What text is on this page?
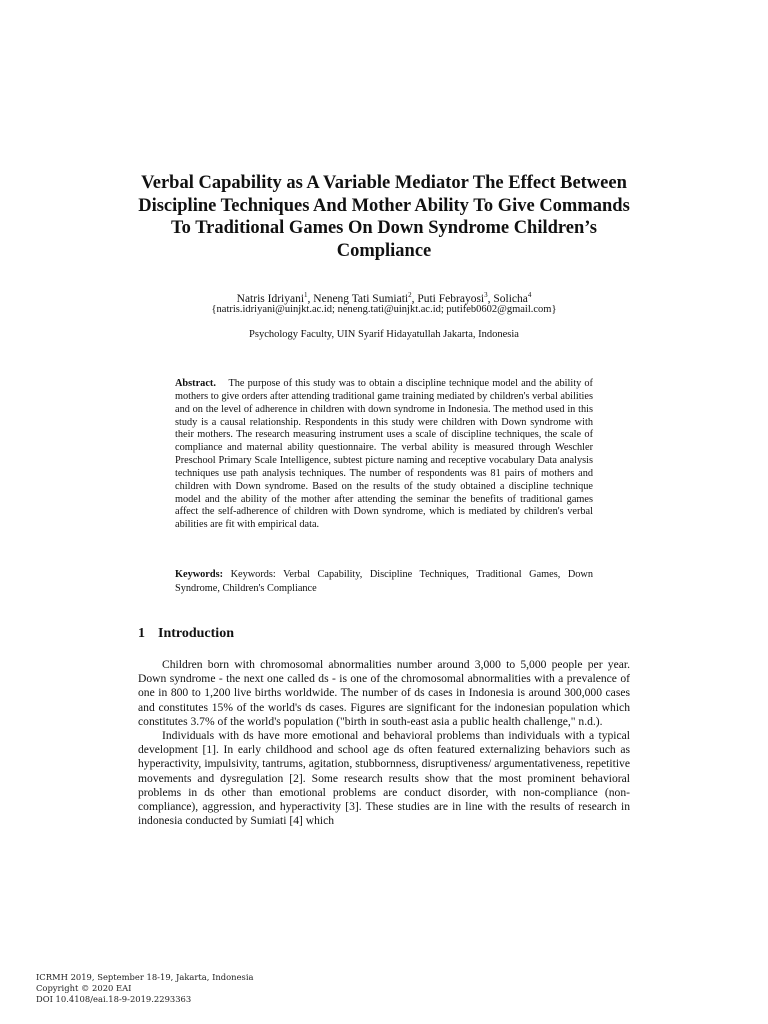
Verbal Capability as A Variable Mediator The Effect Between Discipline Techniques And Mother Ability To Give Commands To Traditional Games On Down Syndrome Children’s Compliance
Natris Idriyani$^1$, Neneng Tati Sumiati$^2$, Puti Febrayosi$^3$, Solicha$^4$
{natris.idriyani@uinjkt.ac.id; neneng.tati@uinjkt.ac.id; putifeb0602@gmail.com}
Psychology Faculty, UIN Syarif Hidayatullah Jakarta, Indonesia
Abstract. The purpose of this study was to obtain a discipline technique model and the ability of mothers to give orders after attending traditional game training mediated by children's verbal abilities and on the level of adherence in children with down syndrome in Indonesia. The method used in this study is a causal relationship. Respondents in this study were children with Down syndrome with their mothers. The research measuring instrument uses a scale of discipline techniques, the scale of compliance and maternal ability questionnaire. The verbal ability is measured through Weschler Preschool Primary Scale Intelligence, subtest picture naming and receptive vocabulary Data analysis techniques use path analysis techniques. The number of respondents was 81 pairs of mothers and children with Down syndrome. Based on the results of the study obtained a discipline technique model and the ability of the mother after attending the seminar the benefits of traditional games affect the self-adherence of children with Down syndrome, which is mediated by children's verbal abilities are fit with empirical data.
Keywords: Keywords: Verbal Capability, Discipline Techniques, Traditional Games, Down Syndrome, Children's Compliance
1 Introduction

Children born with chromosomal abnormalities number around 3,000 to 5,000 people per year. Down syndrome - the next one called ds - is one of the chromosomal abnormalities with a prevalence of one in 800 to 1,200 live births worldwide. The number of ds cases in Indonesia is around 300,000 cases and constitutes 15% of the world's ds cases. Figures are significant for the indonesian population which constitutes 3.7% of the world's population ("birth in south-east asia a public health challenge," n.d.).

Individuals with ds have more emotional and behavioral problems than individuals with a typical development [1]. In early childhood and school age ds often featured externalizing behaviors such as hyperactivity, impulsivity, tantrums, agitation, stubbornness, disruptiveness/ argumentativeness, repetitive movements and dysregulation [2]. Some research results show that the most prominent behavioral problems in ds other than emotional problems are conduct disorder, with non-compliance (non-compliance), aggression, and hyperactivity [3]. These studies are in line with the results of research in indonesia conducted by Sumiati [4] which

ICRMH 2019, September 18-19, Jakarta, Indonesia
Copyright © 2020 EAI
DOI 10.4108/eai.18-9-2019.2293363
